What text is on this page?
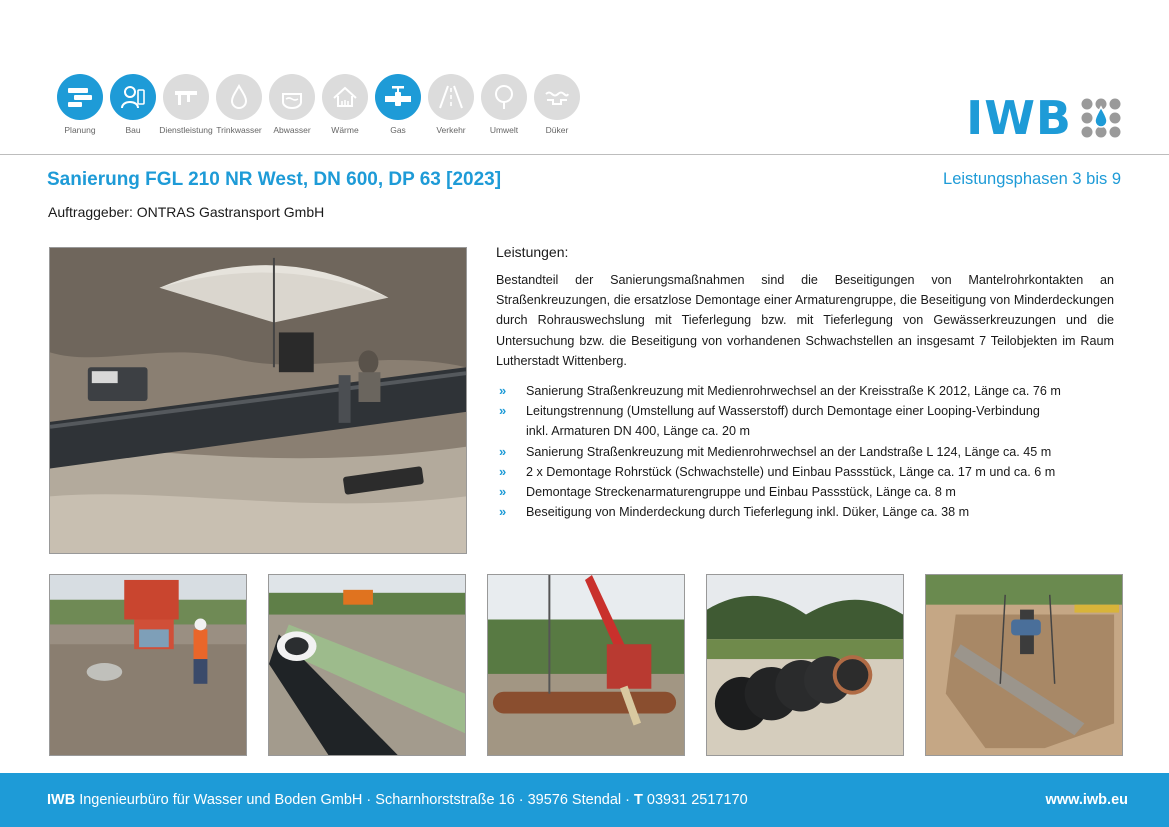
Planung	Bau	Dienstleistung Trinkwasser	Abwasser	Wärme	Gas	Verkehr	Umwelt	Düker	IWB
Sanierung FGL 210 NR West, DN 600, DP 63 [2023]	Leistungsphasen 3 bis 9
Auftraggeber: ONTRAS Gastransport GmbH
Leistungen:

Bestandteil der Sanierungsmaßnahmen sind die Beseitigungen von Mantelrohrkontakten an Straßenkreuzungen, die ersatzlose Demontage einer Armaturengruppe, die Beseitigung von Minderdeckungen durch Rohrauswechslung mit Tieferlegung bzw. mit Tieferlegung von Gewässerkreuzungen und die Untersuchung bzw. die Beseitigung von vorhandenen Schwachstellen an insgesamt 7 Teilobjekten im Raum Lutherstadt Wittenberg.

» Sanierung Straßenkreuzung mit Medienrohrwechsel an der Kreisstraße K 2012, Länge ca. 76 m
» Leitungstrennung (Umstellung auf Wasserstoff) durch Demontage einer Looping-Verbindung
inkl. Armaturen DN 400, Länge ca. 20 m
» Sanierung Straßenkreuzung mit Medienrohrwechsel an der Landstraße L 124, Länge ca. 45 m
» 2 x Demontage Rohrstück (Schwachstelle) und Einbau Passstück, Länge ca. 17 m und ca. 6 m
» Demontage Streckenarmaturengruppe und Einbau Passstück, Länge ca. 8 m
» Beseitigung von Minderdeckung durch Tieferlegung inkl. Düker, Länge ca. 38 m
IWB Ingenieurbüro für Wasser und Boden GmbH · Scharnhorststraße 16 · 39576 Stendal · T 03931 2517170	www.iwb.eu
